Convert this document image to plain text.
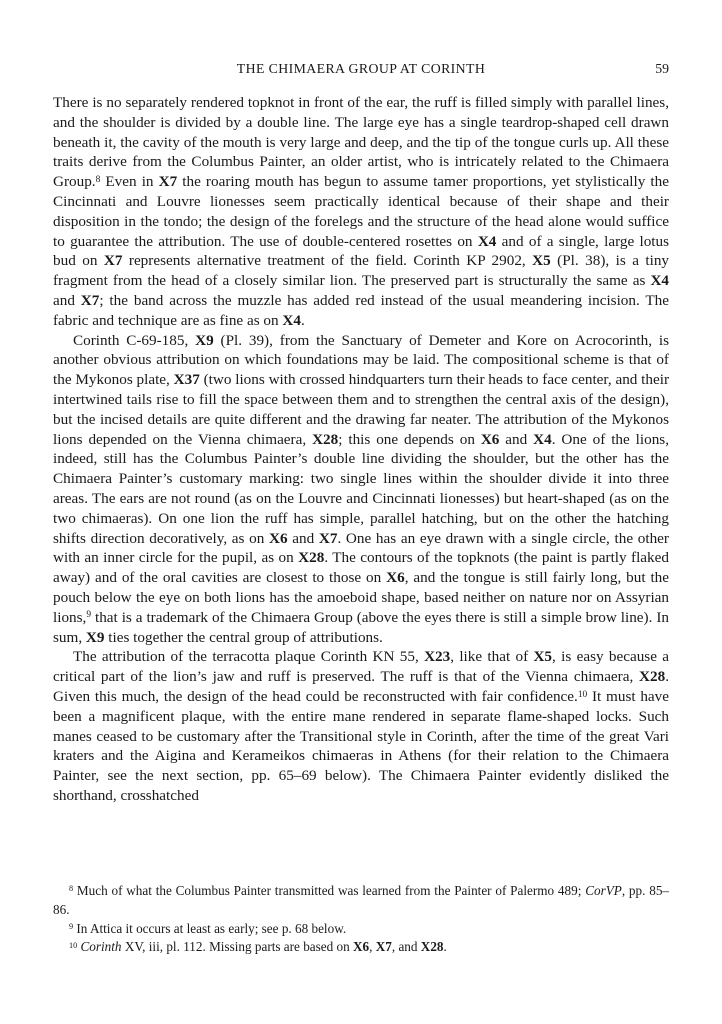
THE CHIMAERA GROUP AT CORINTH	59

There is no separately rendered topknot in front of the ear, the ruff is filled simply with parallel lines, and the shoulder is divided by a double line. The large eye has a single teardrop-shaped cell drawn beneath it, the cavity of the mouth is very large and deep, and the tip of the tongue curls up. All these traits derive from the Columbus Painter, an older artist, who is intricately related to the Chimaera Group.$^8$ Even in X7 the roaring mouth has begun to assume tamer proportions, yet stylistically the Cincinnati and Louvre lionesses seem practically identical because of their shape and their disposition in the tondo; the design of the forelegs and the structure of the head alone would suffice to guarantee the attribution. The use of double-centered rosettes on X4 and of a single, large lotus bud on X7 represents alternative treatment of the field. Corinth KP 2902, X5 (Pl. 38), is a tiny fragment from the head of a closely similar lion. The preserved part is structurally the same as X4 and X7; the band across the muzzle has added red instead of the usual meandering incision. The fabric and technique are as fine as on X4.

Corinth C-69-185, X9 (Pl. 39), from the Sanctuary of Demeter and Kore on Acrocorinth, is another obvious attribution on which foundations may be laid. The compositional scheme is that of the Mykonos plate, X37 (two lions with crossed hindquarters turn their heads to face center, and their intertwined tails rise to fill the space between them and to strengthen the central axis of the design), but the incised details are quite different and the drawing far neater. The attribution of the Mykonos lions depended on the Vienna chimaera, X28; this one depends on X6 and X4. One of the lions, indeed, still has the Columbus Painter’s double line dividing the shoulder, but the other has the Chimaera Painter’s customary marking: two single lines within the shoulder divide it into three areas. The ears are not round (as on the Louvre and Cincinnati lionesses) but heart-shaped (as on the two chimaeras). On one lion the ruff has simple, parallel hatching, but on the other the hatching shifts direction decoratively, as on X6 and X7. One has an eye drawn with a single circle, the other with an inner circle for the pupil, as on X28. The contours of the topknots (the paint is partly flaked away) and of the oral cavities are closest to those on X6, and the tongue is still fairly long, but the pouch below the eye on both lions has the amoeboid shape, based neither on nature nor on Assyrian lions,$^9$ that is a trademark of the Chimaera Group (above the eyes there is still a simple brow line). In sum, X9 ties together the central group of attributions.

The attribution of the terracotta plaque Corinth KN 55, X23, like that of X5, is easy because a critical part of the lion’s jaw and ruff is preserved. The ruff is that of the Vienna chimaera, X28. Given this much, the design of the head could be reconstructed with fair confidence.$^{10}$ It must have been a magnificent plaque, with the entire mane rendered in separate flame-shaped locks. Such manes ceased to be customary after the Transitional style in Corinth, after the time of the great Vari kraters and the Aigina and Kerameikos chimaeras in Athens (for their relation to the Chimaera Painter, see the next section, pp. 65–69 below). The Chimaera Painter evidently disliked the shorthand, crosshatched

$^8$ Much of what the Columbus Painter transmitted was learned from the Painter of Palermo 489; CorVP, pp. 85–86.

$^9$ In Attica it occurs at least as early; see p. 68 below.

$^{10}$ Corinth XV, iii, pl. 112. Missing parts are based on X6, X7, and X28.
